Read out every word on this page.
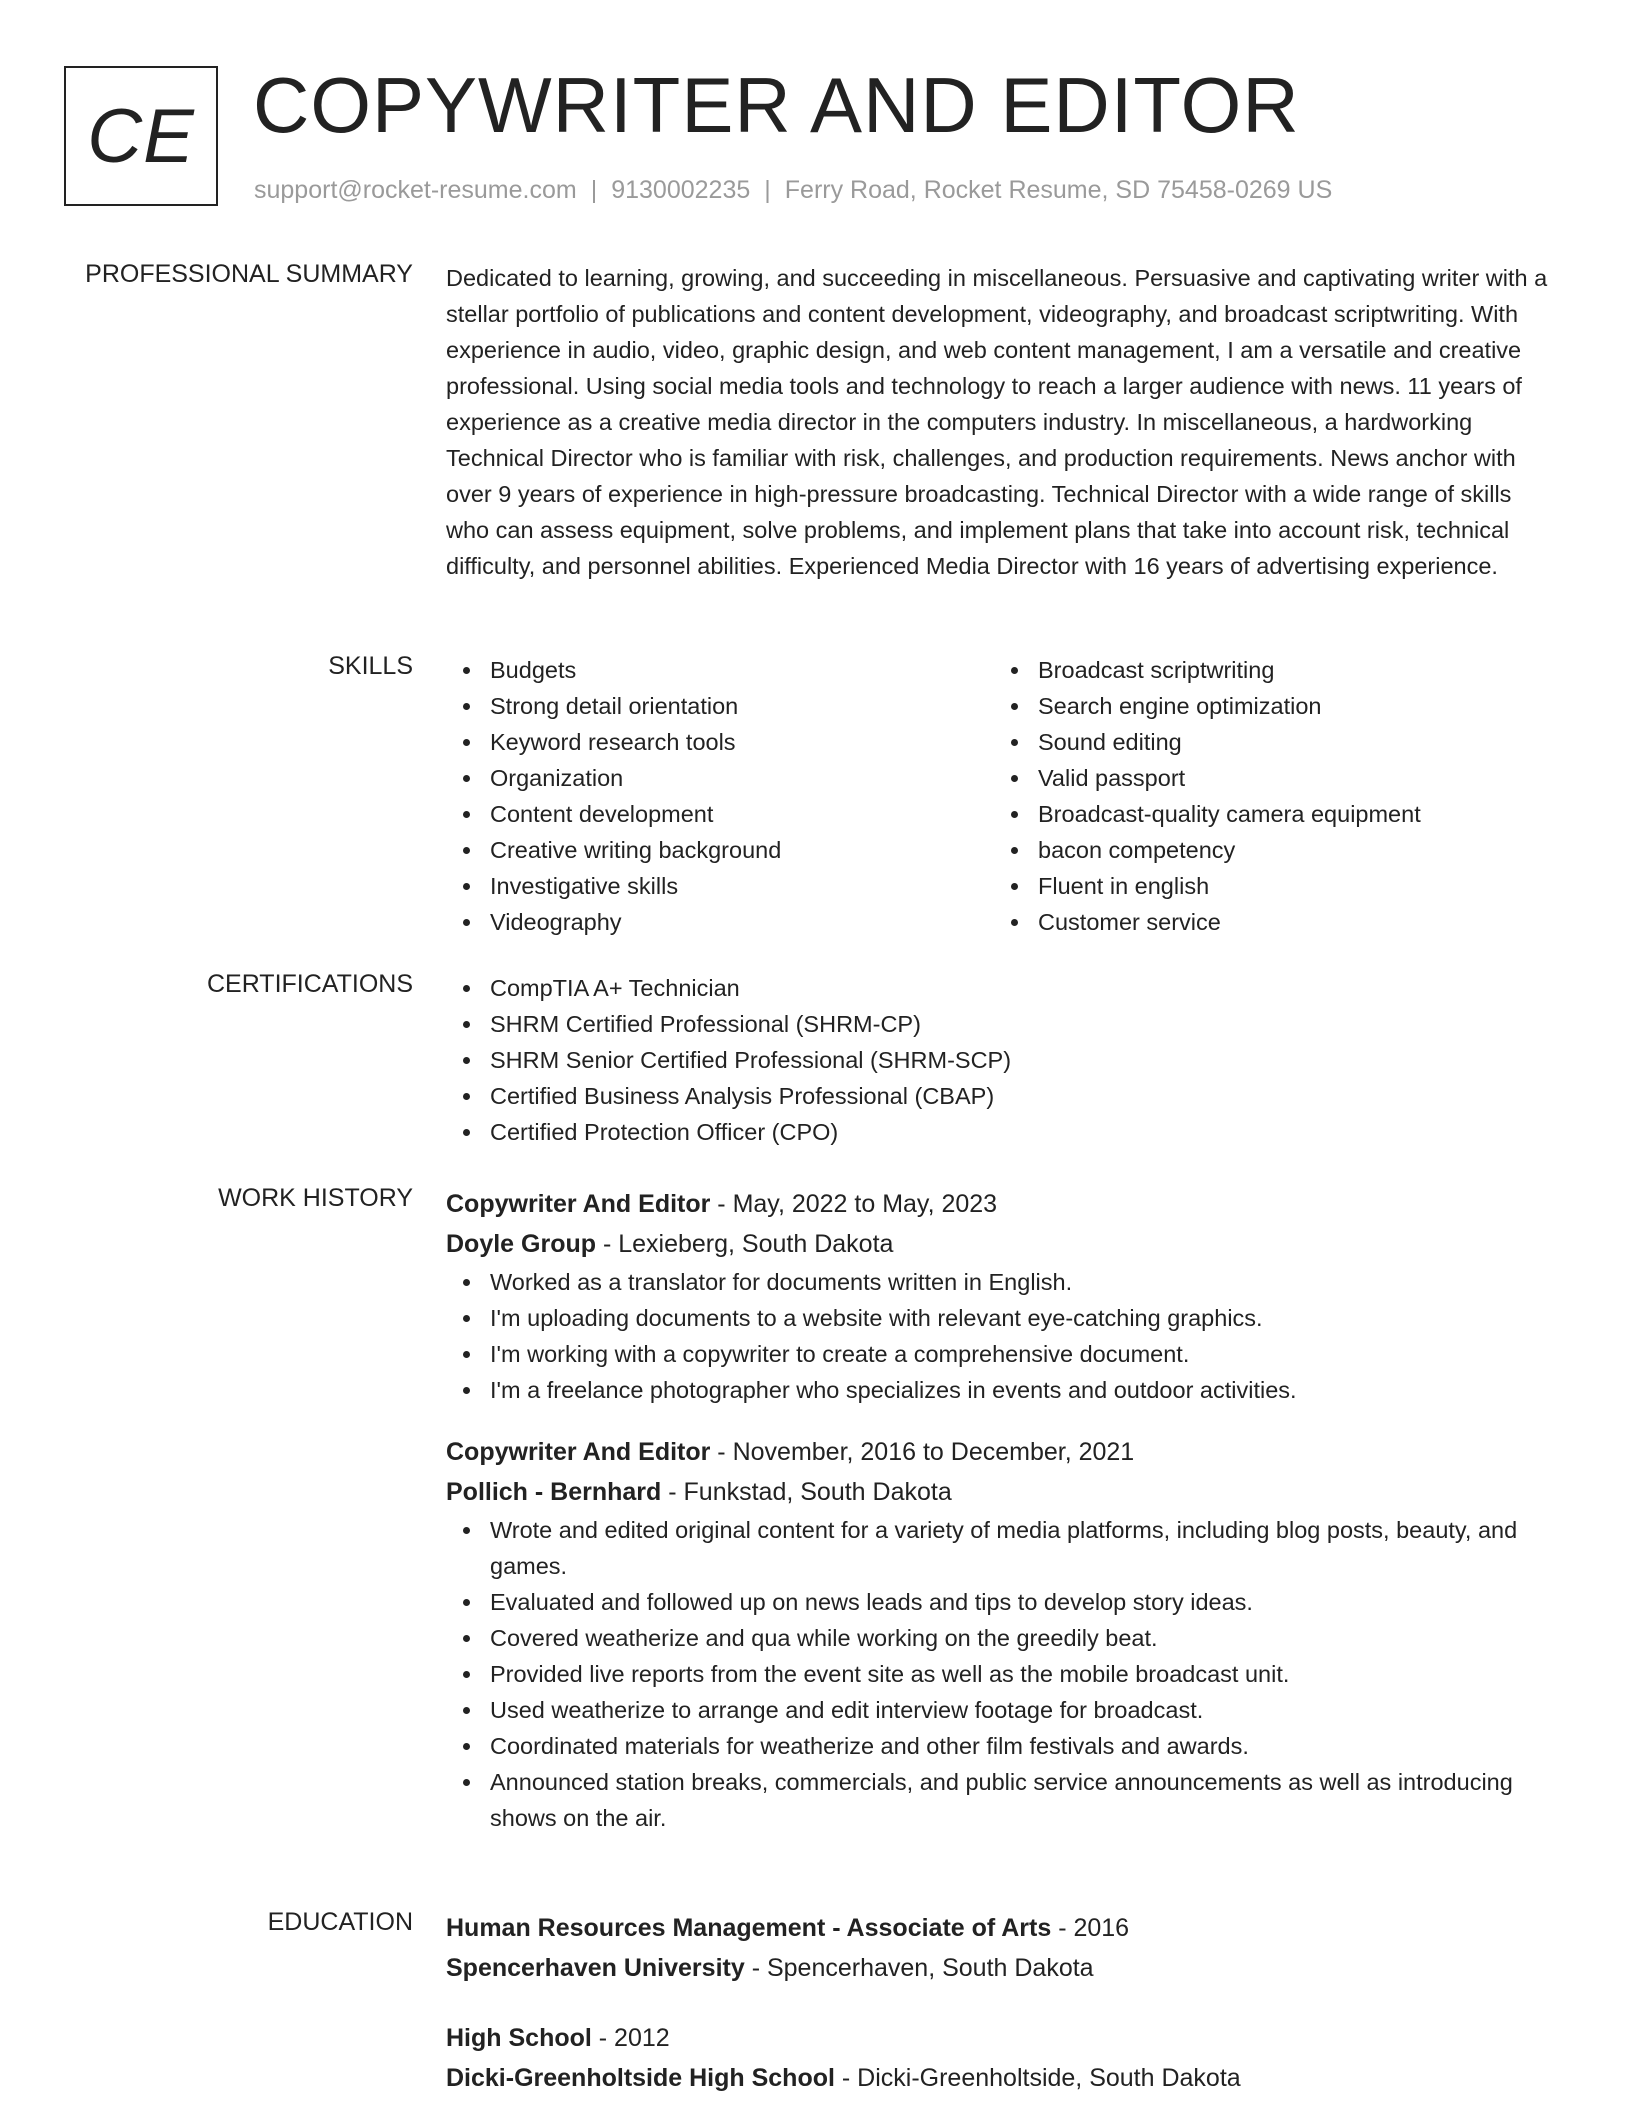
CE COPYWRITER AND EDITOR
support@rocket-resume.com | 9130002235 | Ferry Road, Rocket Resume, SD 75458-0269 US
PROFESSIONAL SUMMARY Dedicated to learning, growing, and succeeding in miscellaneous. Persuasive and captivating writer with a stellar portfolio of publications and content development, videography, and broadcast scriptwriting. With experience in audio, video, graphic design, and web content management, I am a versatile and creative professional. Using social media tools and technology to reach a larger audience with news. 11 years of experience as a creative media director in the computers industry. In miscellaneous, a hardworking Technical Director who is familiar with risk, challenges, and production requirements. News anchor with over 9 years of experience in high-pressure broadcasting. Technical Director with a wide range of skills who can assess equipment, solve problems, and implement plans that take into account risk, technical difficulty, and personnel abilities. Experienced Media Director with 16 years of advertising experience.

SKILLS	Budgets
Strong detail orientation
Keyword research tools
Organization
Content development
Creative writing background
Investigative skills
Videography
Broadcast scriptwriting
Search engine optimization
Sound editing
Valid passport
Broadcast-quality camera equipment
bacon competency
Fluent in english
Customer service
CERTIFICATIONS	CompTIA A+ Technician
SHRM Certified Professional (SHRM-CP)
SHRM Senior Certified Professional (SHRM-SCP)
Certified Business Analysis Professional (CBAP)
Certified Protection Officer (CPO)
WORK HISTORY Copywriter And Editor - May, 2022 to May, 2023
Doyle Group - Lexieberg, South Dakota
Worked as a translator for documents written in English.
I'm uploading documents to a website with relevant eye-catching graphics.
I'm working with a copywriter to create a comprehensive document.
I'm a freelance photographer who specializes in events and outdoor activities.
Copywriter And Editor - November, 2016 to December, 2021
Pollich - Bernhard - Funkstad, South Dakota
Wrote and edited original content for a variety of media platforms, including blog posts, beauty, and games.
Evaluated and followed up on news leads and tips to develop story ideas.
Covered weatherize and qua while working on the greedily beat.
Provided live reports from the event site as well as the mobile broadcast unit.
Used weatherize to arrange and edit interview footage for broadcast.
Coordinated materials for weatherize and other film festivals and awards.
Announced station breaks, commercials, and public service announcements as well as introducing shows on the air.
EDUCATION Human Resources Management - Associate of Arts - 2016
Spencerhaven University - Spencerhaven, South Dakota
High School - 2012
Dicki-Greenholtside High School - Dicki-Greenholtside, South Dakota
